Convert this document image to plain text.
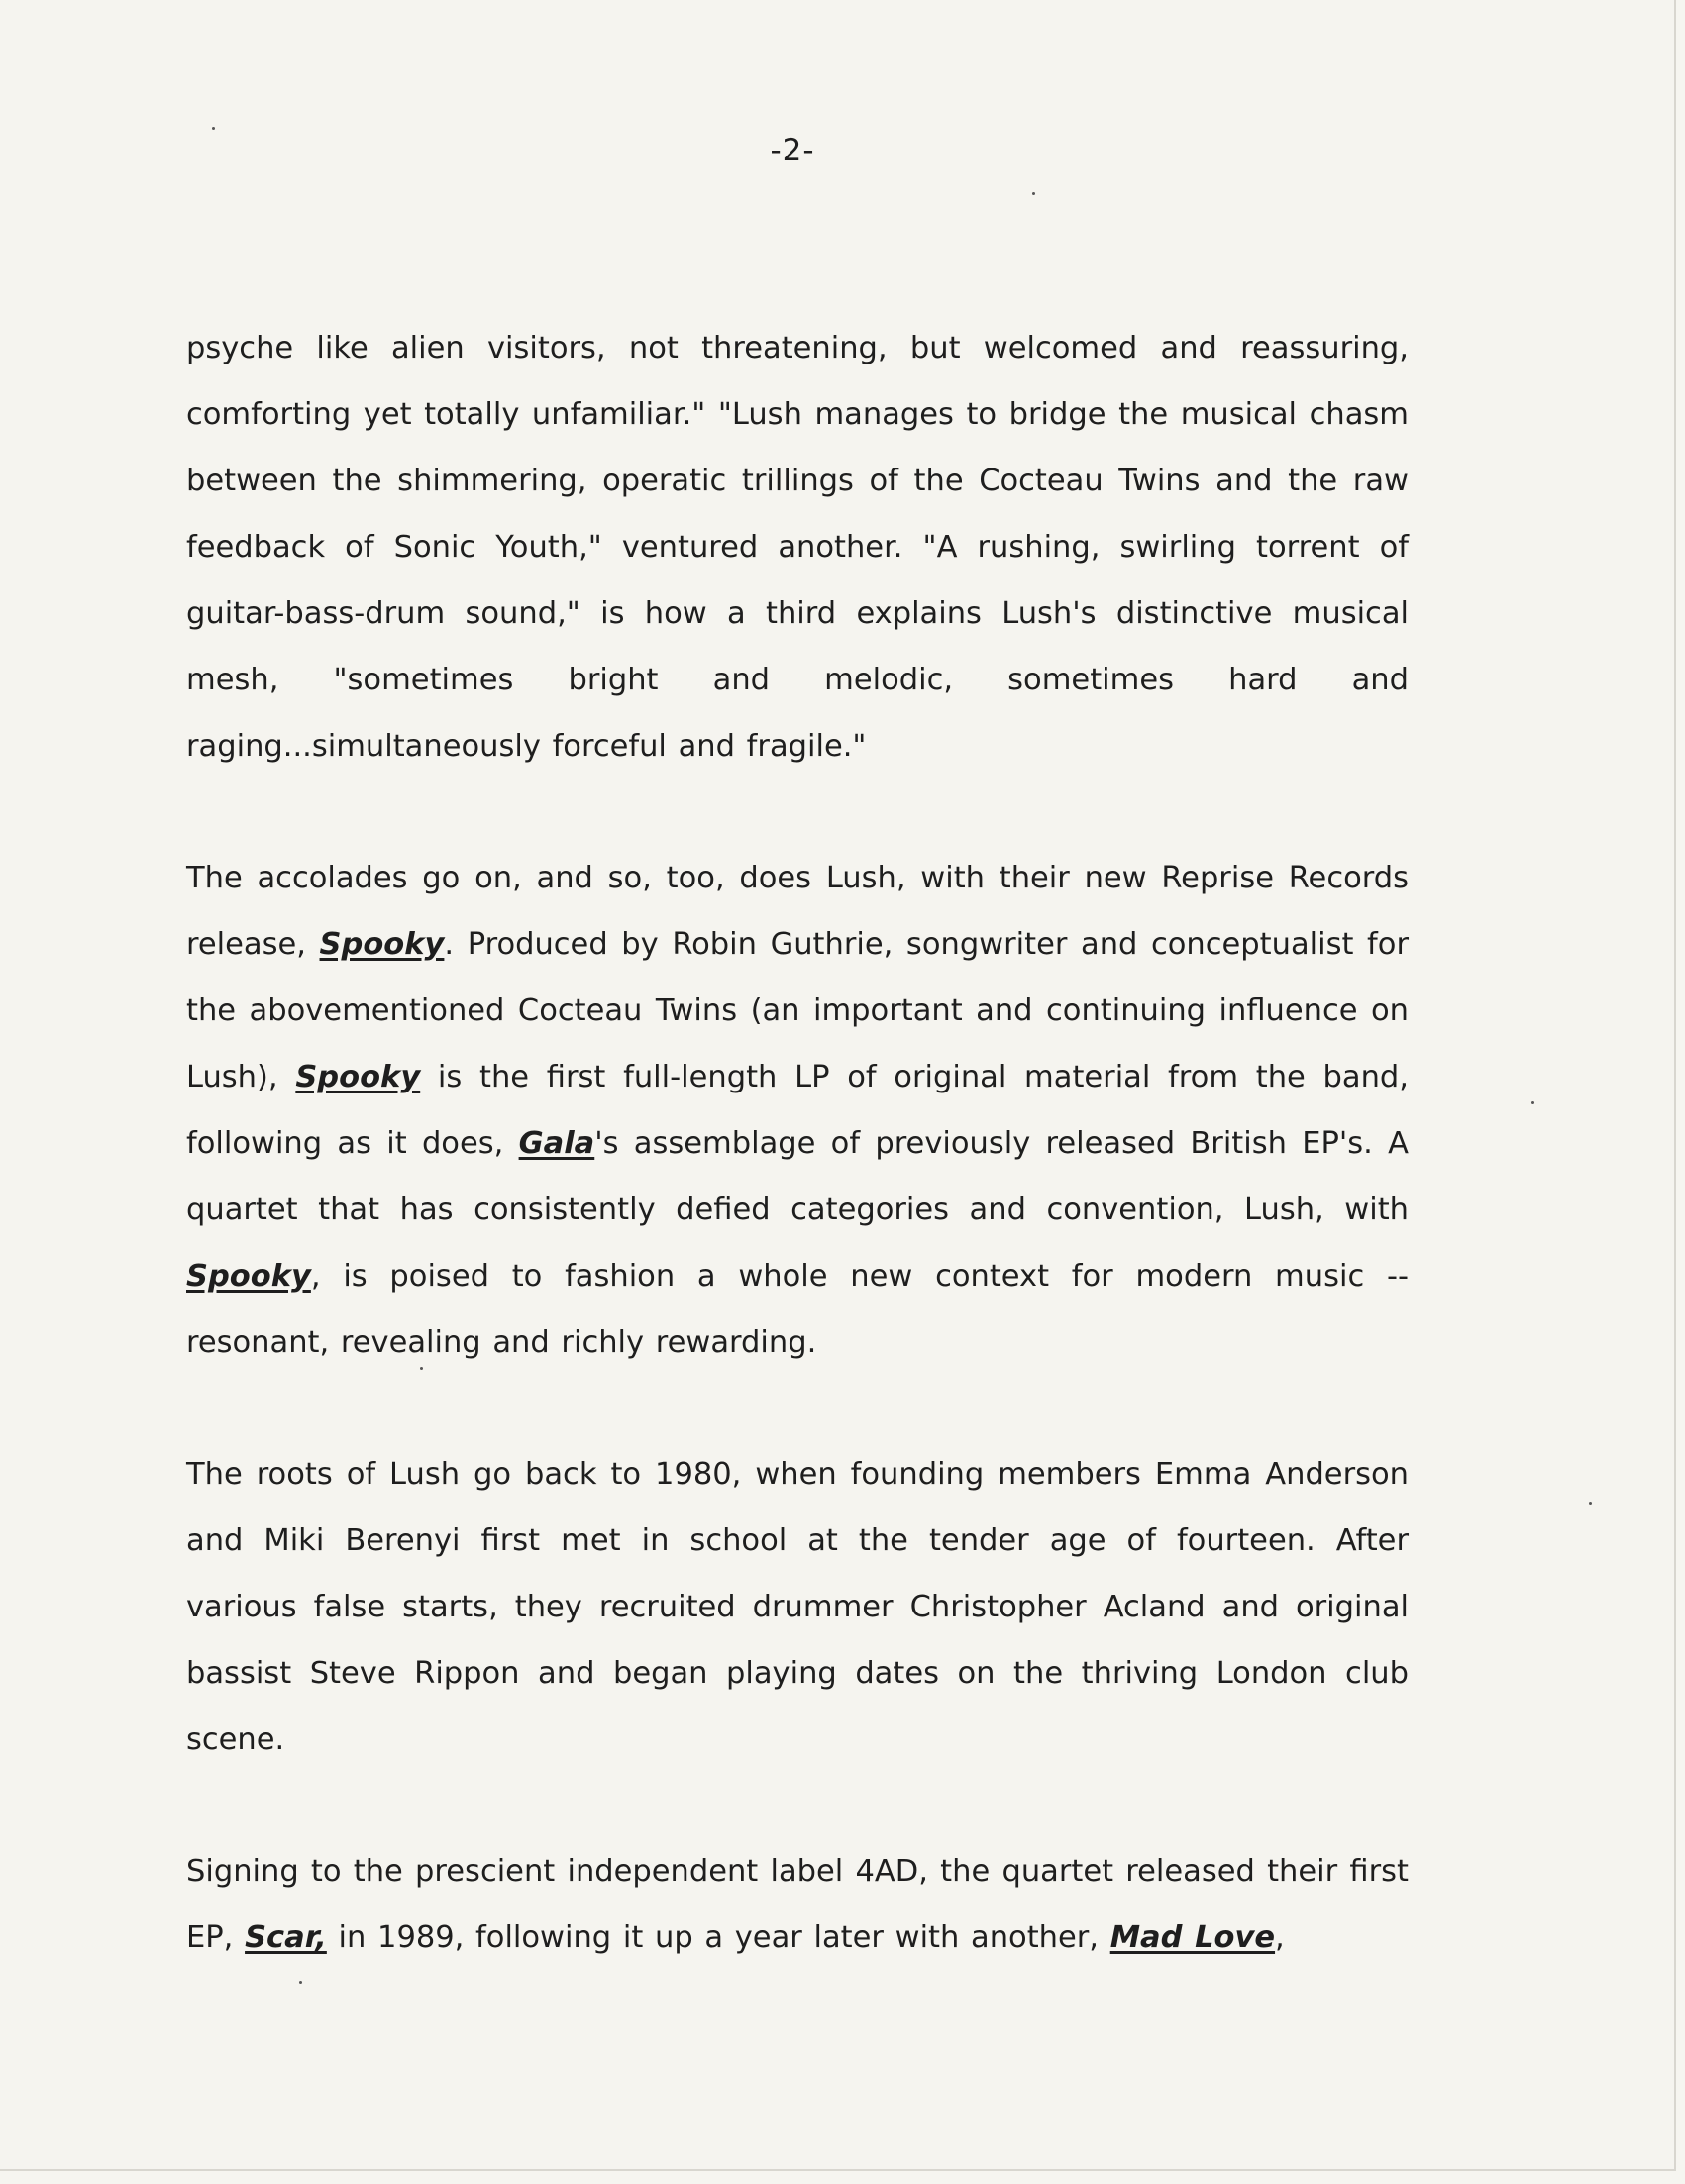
-2-

psyche like alien visitors, not threatening, but welcomed and reassuring, comforting yet totally unfamiliar." "Lush manages to bridge the musical chasm between the shimmering, operatic trillings of the Cocteau Twins and the raw feedback of Sonic Youth," ventured another. "A rushing, swirling torrent of guitar-bass-drum sound," is how a third explains Lush's distinctive musical mesh, "sometimes bright and melodic, sometimes hard and raging...simultaneously forceful and fragile."

The accolades go on, and so, too, does Lush, with their new Reprise Records release, Spooky. Produced by Robin Guthrie, songwriter and conceptualist for the abovementioned Cocteau Twins (an important and continuing influence on Lush), Spooky is the first full-length LP of original material from the band, following as it does, Gala's assemblage of previously released British EP's. A quartet that has consistently defied categories and convention, Lush, with Spooky, is poised to fashion a whole new context for modern music -- resonant, revealing and richly rewarding.

The roots of Lush go back to 1980, when founding members Emma Anderson and Miki Berenyi first met in school at the tender age of fourteen. After various false starts, they recruited drummer Christopher Acland and original bassist Steve Rippon and began playing dates on the thriving London club scene.

Signing to the prescient independent label 4AD, the quartet released their first EP, Scar, in 1989, following it up a year later with another, Mad Love,
